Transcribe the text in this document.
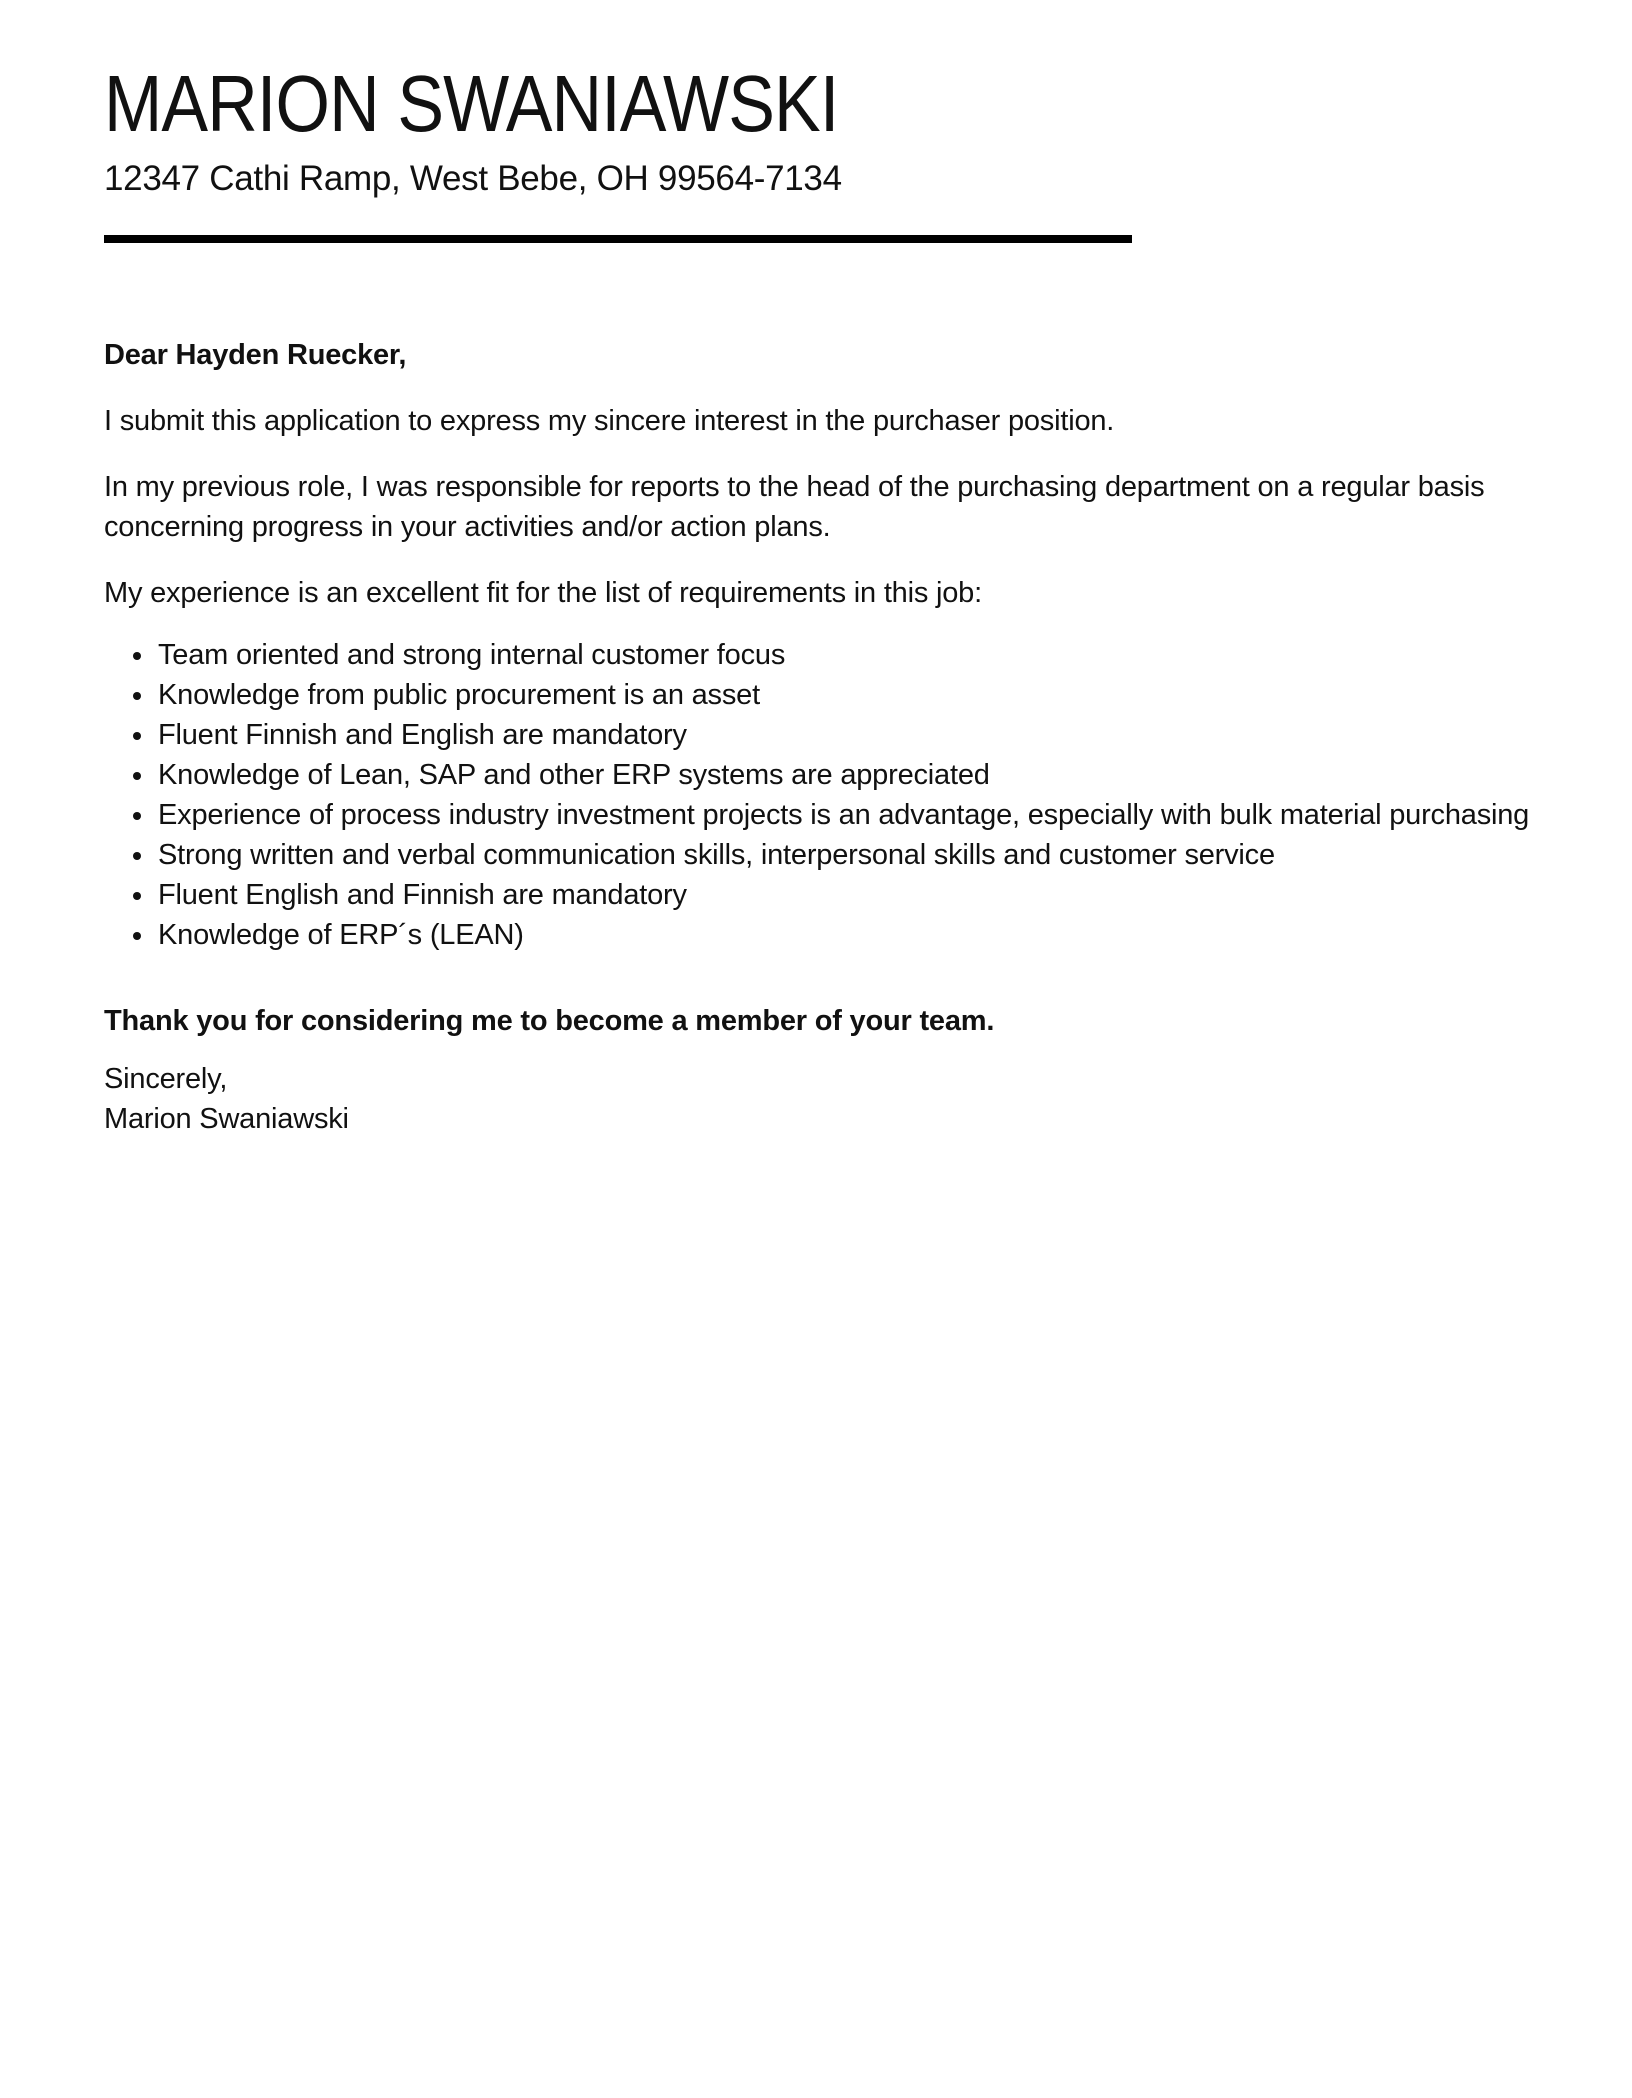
MARION SWANIAWSKI
12347 Cathi Ramp, West Bebe, OH 99564-7134

Dear Hayden Ruecker,

I submit this application to express my sincere interest in the purchaser position.

In my previous role, I was responsible for reports to the head of the purchasing department on a regular basis concerning progress in your activities and/or action plans.

My experience is an excellent fit for the list of requirements in this job:

• Team oriented and strong internal customer focus
• Knowledge from public procurement is an asset
• Fluent Finnish and English are mandatory
• Knowledge of Lean, SAP and other ERP systems are appreciated
• Experience of process industry investment projects is an advantage, especially with bulk material purchasing
• Strong written and verbal communication skills, interpersonal skills and customer service
• Fluent English and Finnish are mandatory
• Knowledge of ERP´s (LEAN)

Thank you for considering me to become a member of your team.

Sincerely,
Marion Swaniawski
